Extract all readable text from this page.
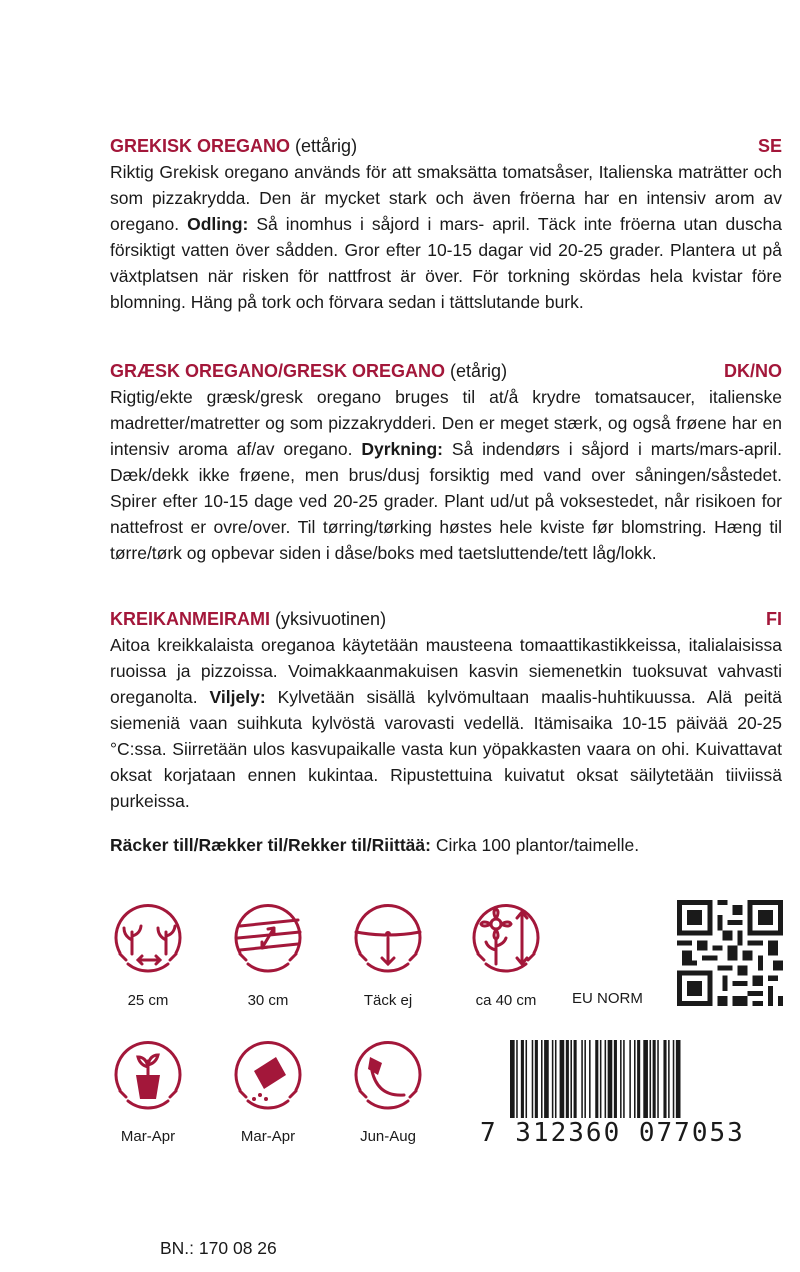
GREKISK OREGANO (ettårig)	SE
Riktig Grekisk oregano används för att smaksätta tomatsåser, Italienska maträtter och som pizzakrydda. Den är mycket stark och även fröerna har en intensiv arom av oregano. Odling: Så inomhus i såjord i mars- april. Täck inte fröerna utan duscha försiktigt vatten över sådden. Gror efter 10-15 dagar vid 20-25 grader. Plantera ut på växtplatsen när risken för nattfrost är över. För torkning skördas hela kvistar före blomning. Häng på tork och förvara sedan i tättslutande burk.
GRÆSK OREGANO/GRESK OREGANO (etårig)	DK/NO
Rigtig/ekte græsk/gresk oregano bruges til at/å krydre tomatsaucer, italienske madretter/matretter og som pizzakrydderi. Den er meget stærk, og også frøene har en intensiv aroma af/av oregano. Dyrkning: Så indendørs i såjord i marts/mars-april. Dæk/dekk ikke frøene, men brus/dusj forsiktig med vand over såningen/såstedet. Spirer efter 10-15 dage ved 20-25 grader. Plant ud/ut på voksestedet, når risikoen for nattefrost er ovre/over. Til tørring/tørking høstes hele kviste før blomstring. Hæng til tørre/tørk og opbevar siden i dåse/boks med taetsluttende/tett låg/lokk.
KREIKANMEIRAMI (yksivuotinen)	FI
Aitoa kreikkalaista oreganoa käytetään mausteena tomaattikastikkeissa, italialaisissa ruoissa ja pizzoissa. Voimakkaanmakuisen kasvin siemenetkin tuoksuvat vahvasti oreganolta. Viljely: Kylvetään sisällä kylvömultaan maalis-huhtikuussa. Alä peitä siemeniä vaan suihkuta kylvöstä varovasti vedellä. Itämisaika 10-15 päivää 20-25 °C:ssa. Siirretään ulos kasvupaikalle vasta kun yöpakkasten vaara on ohi. Kuivattavat oksat korjataan ennen kukintaa. Ripustettuina kuivatut oksat säilytetään tiiviissä purkeissa.
Räcker till/Rækker til/Rekker til/Riittää: Cirka 100 plantor/taimelle.
25 cm	30 cm	Täck ej	ca 40 cm	EU NORM
Mar-Apr	Mar-Apr	Jun-Aug	7 312360 077053
BN.: 170 08 26
